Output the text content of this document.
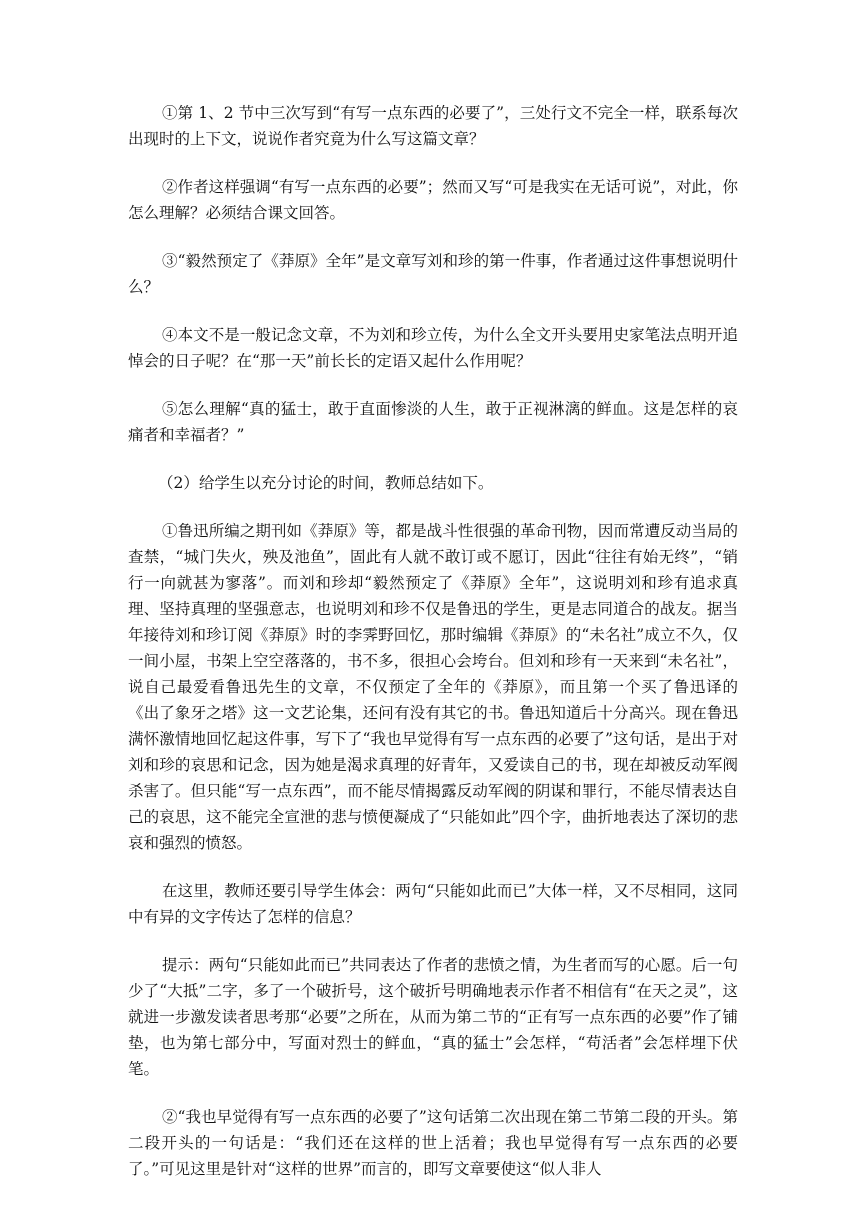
①第 1、2 节中三次写到“有写一点东西的必要了”，三处行文不完全一样，联系每次出现时的上下文，说说作者究竟为什么写这篇文章？

②作者这样强调“有写一点东西的必要”；然而又写“可是我实在无话可说”，对此，你怎么理解？必须结合课文回答。

③“毅然预定了《莽原》全年”是文章写刘和珍的第一件事，作者通过这件事想说明什么？

④本文不是一般记念文章，不为刘和珍立传，为什么全文开头要用史家笔法点明开追悼会的日子呢？在“那一天”前长长的定语又起什么作用呢？

⑤怎么理解“真的猛士，敢于直面惨淡的人生，敢于正视淋漓的鲜血。这是怎样的哀痛者和幸福者？”

（2）给学生以充分讨论的时间，教师总结如下。

①鲁迅所编之期刊如《莽原》等，都是战斗性很强的革命刊物，因而常遭反动当局的查禁，“城门失火，殃及池鱼”，固此有人就不敢订或不愿订，因此“往往有始无终”，“销行一向就甚为寥落”。而刘和珍却“毅然预定了《莽原》全年”，这说明刘和珍有追求真理、坚持真理的坚强意志，也说明刘和珍不仅是鲁迅的学生，更是志同道合的战友。据当年接待刘和珍订阅《莽原》时的李霁野回忆，那时编辑《莽原》的“未名社”成立不久，仅一间小屋，书架上空空落落的，书不多，很担心会垮台。但刘和珍有一天来到“未名社”，说自己最爱看鲁迅先生的文章，不仅预定了全年的《莽原》，而且第一个买了鲁迅译的《出了象牙之塔》这一文艺论集，还问有没有其它的书。鲁迅知道后十分高兴。现在鲁迅满怀激情地回忆起这件事，写下了“我也早觉得有写一点东西的必要了”这句话，是出于对刘和珍的哀思和记念，因为她是渴求真理的好青年，又爱读自己的书，现在却被反动军阀杀害了。但只能“写一点东西”，而不能尽情揭露反动军阀的阴谋和罪行，不能尽情表达自己的哀思，这不能完全宣泄的悲与愤便凝成了“只能如此”四个字，曲折地表达了深切的悲哀和强烈的愤怒。

在这里，教师还要引导学生体会：两句“只能如此而已”大体一样，又不尽相同，这同中有异的文字传达了怎样的信息？

提示：两句“只能如此而已”共同表达了作者的悲愤之情，为生者而写的心愿。后一句少了“大抵”二字，多了一个破折号，这个破折号明确地表示作者不相信有“在天之灵”，这就进一步激发读者思考那“必要”之所在，从而为第二节的“正有写一点东西的必要”作了铺垫，也为第七部分中，写面对烈士的鲜血，“真的猛士”会怎样，“苟活者”会怎样埋下伏笔。

②“我也早觉得有写一点东西的必要了”这句话第二次出现在第二节第二段的开头。第二段开头的一句话是：“我们还在这样的世上活着；我也早觉得有写一点东西的必要了。”可见这里是针对“这样的世界”而言的，即写文章要使这“似人非人
